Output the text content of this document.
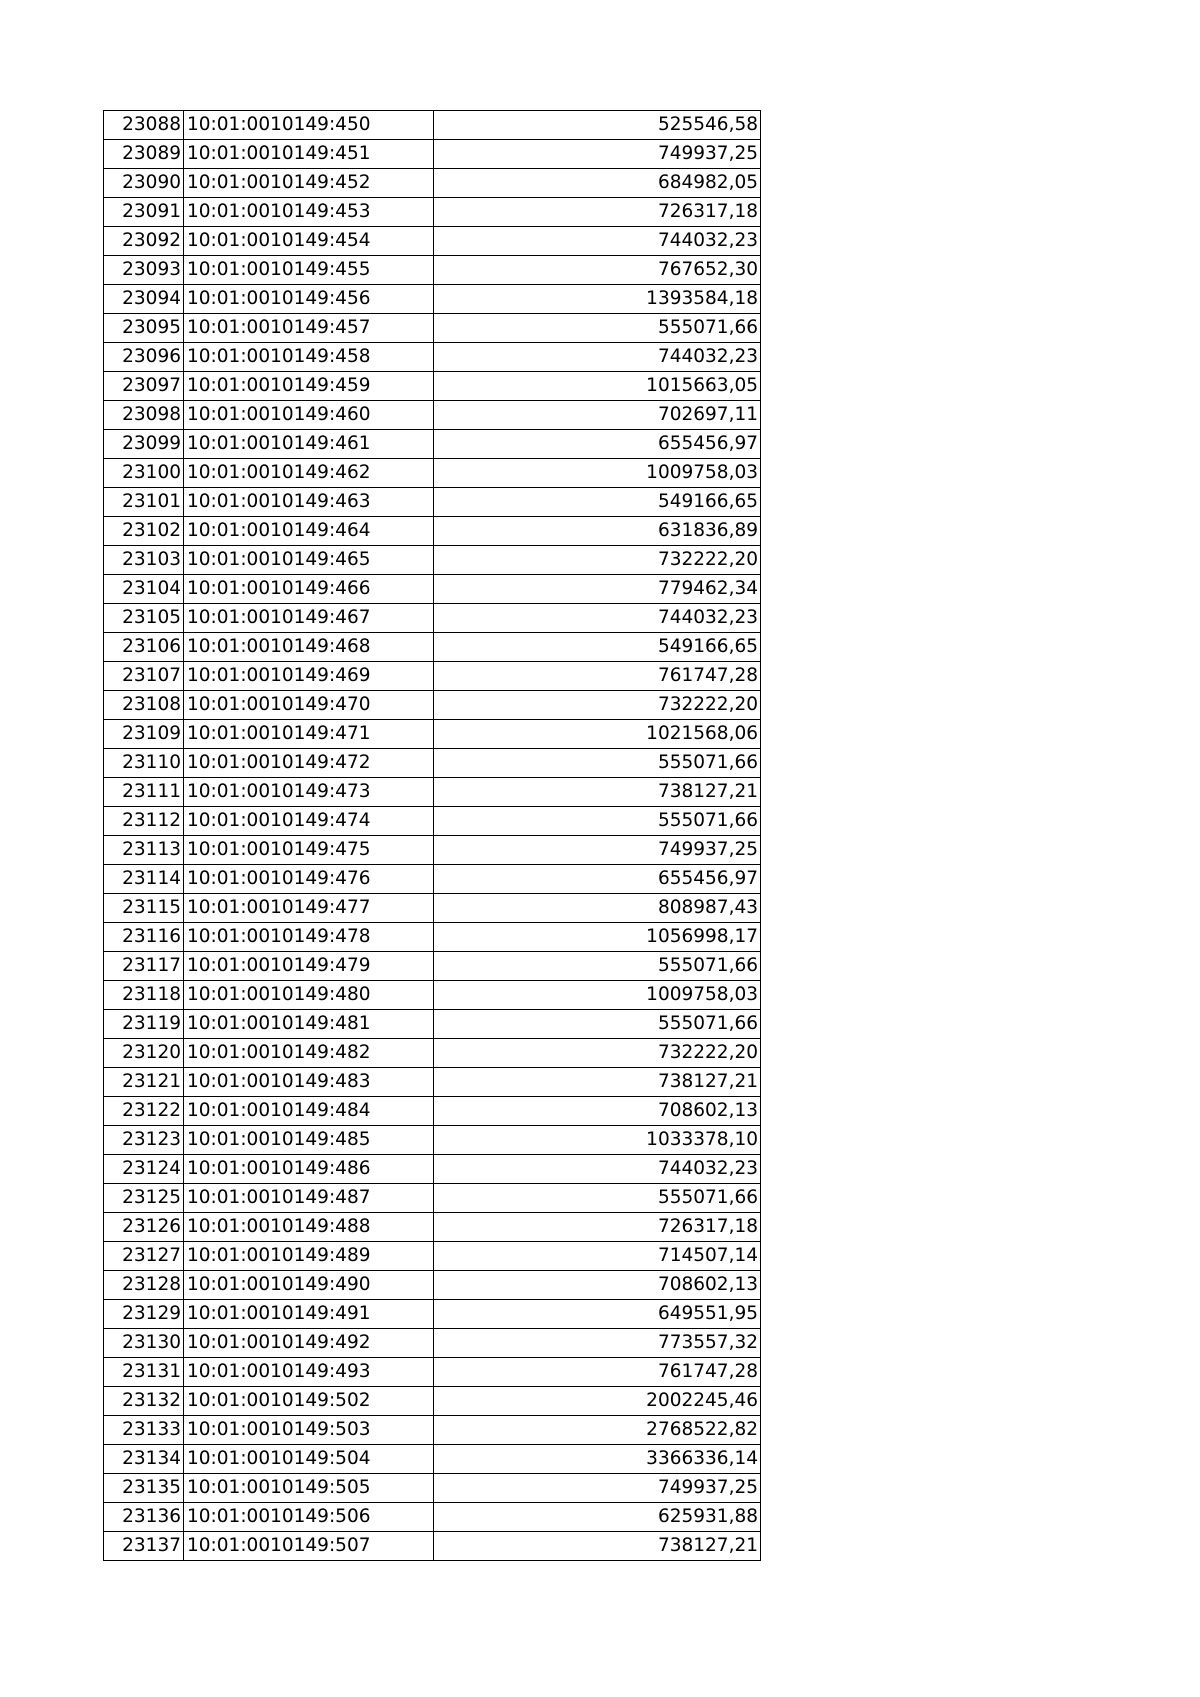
23088	10:01:0010149:450	525546,58
23089	10:01:0010149:451	749937,25
23090	10:01:0010149:452	684982,05
23091	10:01:0010149:453	726317,18
23092	10:01:0010149:454	744032,23
23093	10:01:0010149:455	767652,30
23094	10:01:0010149:456	1393584,18
23095	10:01:0010149:457	555071,66
23096	10:01:0010149:458	744032,23
23097	10:01:0010149:459	1015663,05
23098	10:01:0010149:460	702697,11
23099	10:01:0010149:461	655456,97
23100	10:01:0010149:462	1009758,03
23101	10:01:0010149:463	549166,65
23102	10:01:0010149:464	631836,89
23103	10:01:0010149:465	732222,20
23104	10:01:0010149:466	779462,34
23105	10:01:0010149:467	744032,23
23106	10:01:0010149:468	549166,65
23107	10:01:0010149:469	761747,28
23108	10:01:0010149:470	732222,20
23109	10:01:0010149:471	1021568,06
23110	10:01:0010149:472	555071,66
23111	10:01:0010149:473	738127,21
23112	10:01:0010149:474	555071,66
23113	10:01:0010149:475	749937,25
23114	10:01:0010149:476	655456,97
23115	10:01:0010149:477	808987,43
23116	10:01:0010149:478	1056998,17
23117	10:01:0010149:479	555071,66
23118	10:01:0010149:480	1009758,03
23119	10:01:0010149:481	555071,66
23120	10:01:0010149:482	732222,20
23121	10:01:0010149:483	738127,21
23122	10:01:0010149:484	708602,13
23123	10:01:0010149:485	1033378,10
23124	10:01:0010149:486	744032,23
23125	10:01:0010149:487	555071,66
23126	10:01:0010149:488	726317,18
23127	10:01:0010149:489	714507,14
23128	10:01:0010149:490	708602,13
23129	10:01:0010149:491	649551,95
23130	10:01:0010149:492	773557,32
23131	10:01:0010149:493	761747,28
23132	10:01:0010149:502	2002245,46
23133	10:01:0010149:503	2768522,82
23134	10:01:0010149:504	3366336,14
23135	10:01:0010149:505	749937,25
23136	10:01:0010149:506	625931,88
23137	10:01:0010149:507	738127,21
